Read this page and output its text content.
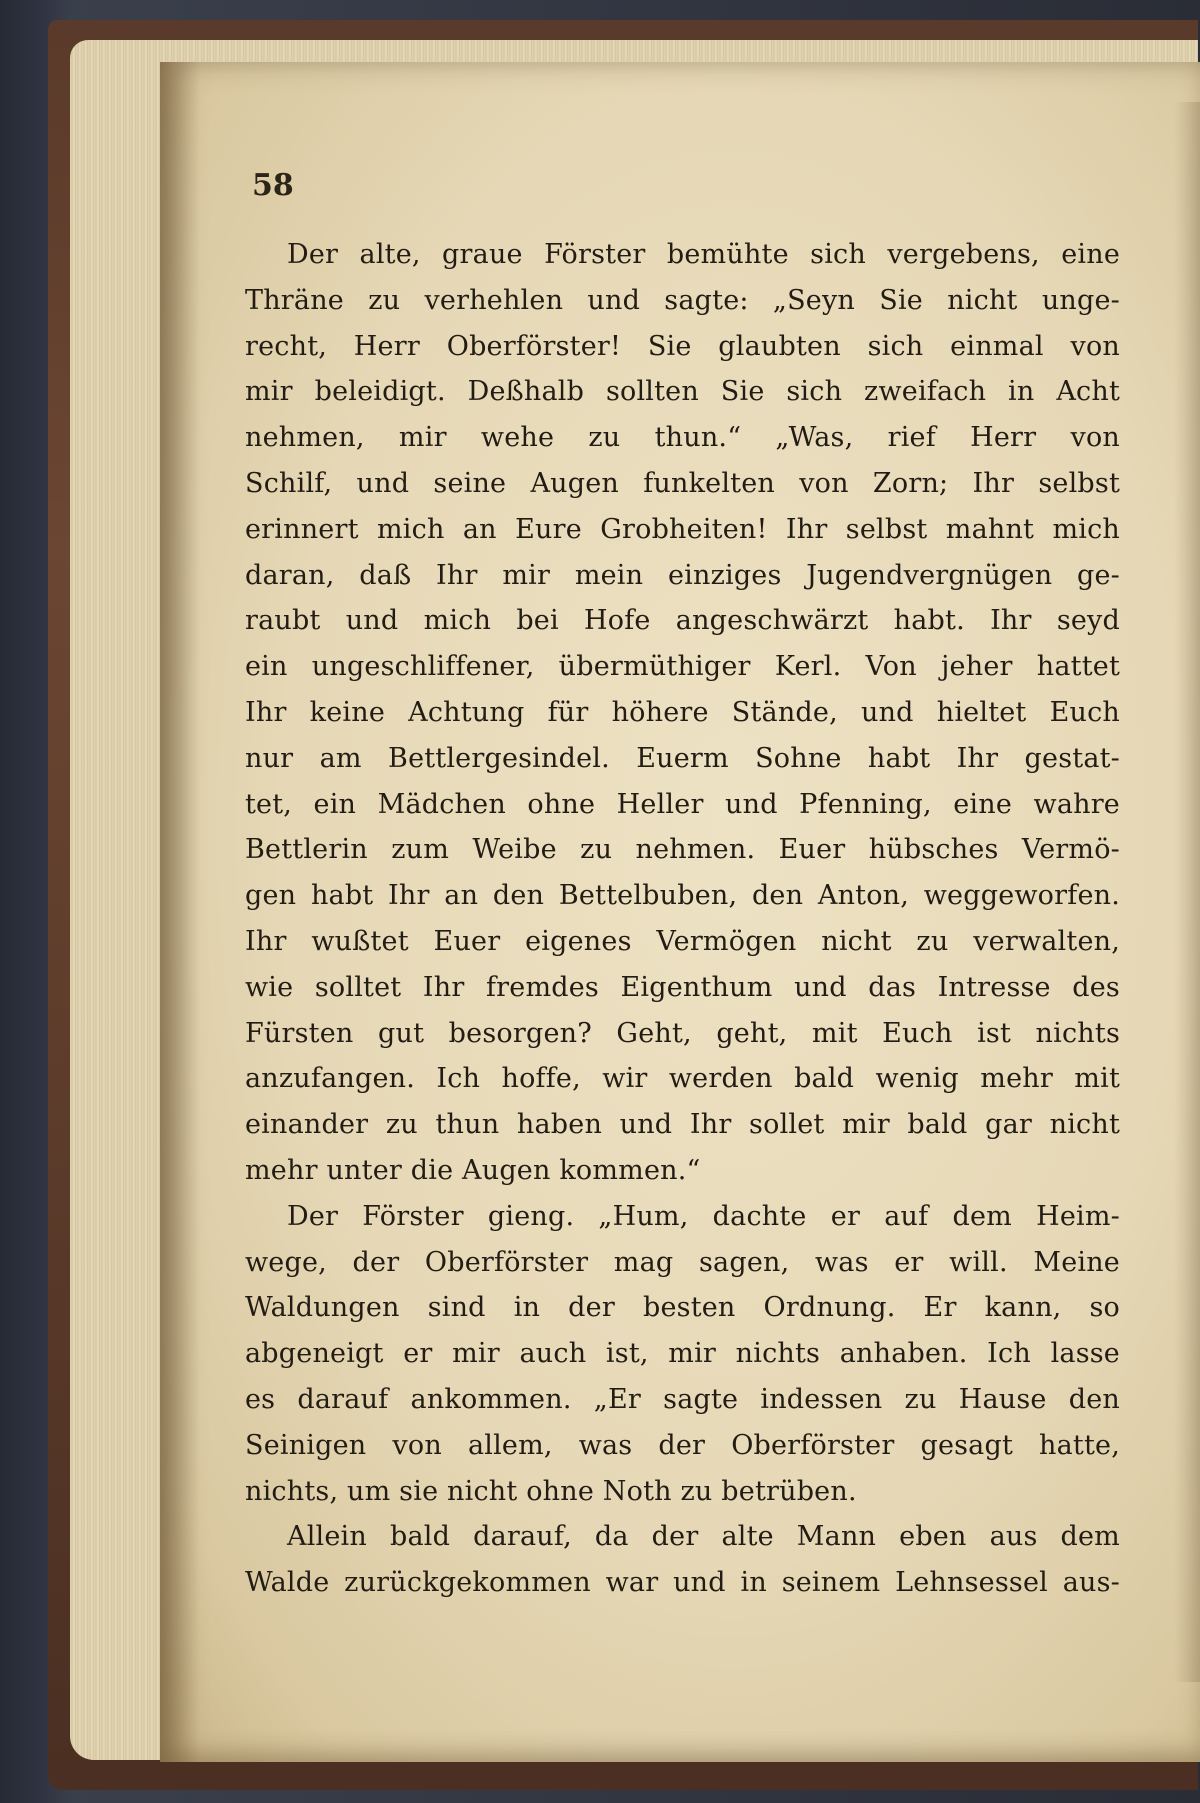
58
Der alte, graue Förster bemühte sich vergebens, eine
Thräne zu verhehlen und sagte: „Seyn Sie nicht unge-
recht, Herr Oberförster! Sie glaubten sich einmal von
mir beleidigt. Deßhalb sollten Sie sich zweifach in Acht
nehmen, mir wehe zu thun.“ „Was, rief Herr von
Schilf, und seine Augen funkelten von Zorn; Ihr selbst
erinnert mich an Eure Grobheiten! Ihr selbst mahnt mich
daran, daß Ihr mir mein einziges Jugendvergnügen ge-
raubt und mich bei Hofe angeschwärzt habt. Ihr seyd
ein ungeschliffener, übermüthiger Kerl. Von jeher hattet
Ihr keine Achtung für höhere Stände, und hieltet Euch
nur am Bettlergesindel. Euerm Sohne habt Ihr gestat-
tet, ein Mädchen ohne Heller und Pfenning, eine wahre
Bettlerin zum Weibe zu nehmen. Euer hübsches Vermö-
gen habt Ihr an den Bettelbuben, den Anton, weggeworfen.
Ihr wußtet Euer eigenes Vermögen nicht zu verwalten,
wie solltet Ihr fremdes Eigenthum und das Intresse des
Fürsten gut besorgen? Geht, geht, mit Euch ist nichts
anzufangen. Ich hoffe, wir werden bald wenig mehr mit
einander zu thun haben und Ihr sollet mir bald gar nicht
mehr unter die Augen kommen.“
Der Förster gieng. „Hum, dachte er auf dem Heim-
wege, der Oberförster mag sagen, was er will. Meine
Waldungen sind in der besten Ordnung. Er kann, so
abgeneigt er mir auch ist, mir nichts anhaben. Ich lasse
es darauf ankommen. „Er sagte indessen zu Hause den
Seinigen von allem, was der Oberförster gesagt hatte,
nichts, um sie nicht ohne Noth zu betrüben.
Allein bald darauf, da der alte Mann eben aus dem
Walde zurückgekommen war und in seinem Lehnsessel aus-
